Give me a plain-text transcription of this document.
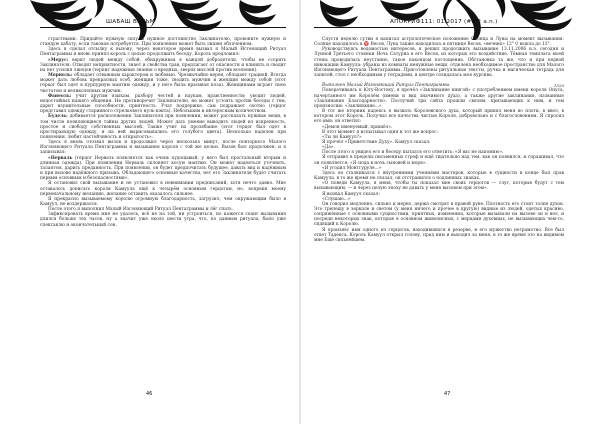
ШАБАШ ВЕДЬМ

страстными. Придайте нужную силу и нужное достоинство Заклинателю, провоните нужную и стандую хабату, если таковая потребуется. При появлении может быть лишен облаченном.

Здесь я сделал отсылку к вызову, через некоторое время вызвал я Малый Истенящий Ритуал Пентаграммы и вновь принял король с целью продолжить беседу. Король предложил:

«Мерус: верит людей между собой, обнаруживая в каждой добродетели, чтобы не ссорить Заклинателя. Отводит неприятности, знает и свойства трав, предлагает от опасности и клинить и сводит на нет усилия лжецов (терпит надежные знания о вредных, зверях мыслей против вселения).

Морноль: обладает отважным характером и любовью. Чрезвычайно верен, обладает грацией. Всегда может дать любовь прекрасных особ, женщин тоже, сводить мужчин и женщин между собой (этот герцог был одет в пурпурную мантию одежду, и у него была красивая поза). Женщинами играет свою чистотою и великолепных мужчин.

Фанеоль: учит другим языкам, разбору честей и наукам, нравственности; уводит людей, недостойных нашего общения. Не противоречит Заклинателю, не может устоять против беседы с тем, дарит изумительные способности, приятность. Учат поддержке, сам подражает охотно (герцог представил одежду старинного стрелкового нуль-кэнта). Небольшим и интересным количеством.

Будель: добивается расположения Заклинателя при появлении, может рассказать нужные вещи, в том числе появляющиеся тайны других людей. Может дать умение выводить людей из искренность, простое и свободу собственных мыслей. Также учит их прозябание (этот герцог был одет в простирающую одежду, и на ней вырисовывались его голубого цвета). Несколько наделен при появлении, любит настойчивость и открытость».

Здесь я вновь отозвал вызов и продолжил через несколько минут, после повторного Малого Изгоняющего Ритуала Пентаграммы и вызывания короля с той же целью. Вызов был продолжен, и я записывал:

«Нерваль (герцог Нерваль появляется как очень худощавый, у него был простальный вторым и длинная одежда). При появлении Нерваль склоняет косую мантию. Он может надеяться уточнить, талантом, дарить преданность, При появлении, он будет предпочитать будущее, давать вид и надёжным и при вызове надёжного призыва. Обладающего основные качества, нет его Заклинателя будет считать первым основным и безопасностями».

Я остановил свой вызывание и не установил в невнимании предписаний, хотя нечто давно. Мне оставалось дописать короля Камуула ещё к четырём основным герцогам, но, вопреки моему первоначальному желанию, желание оставить оказалось сильнее.

Я прекрасно вызываемому королю огромную благодарность, загрузил, чем окружающим было в Камуул, не воздержался.

После этого я выполнил Малый Изгоняющий Ритуал Пентаграммы и лёг спать.

Зафиксировать время мне не удалось, всё не на той, ни устроиться, но кажется сеанс вызывания длился больше тех часов, ну а значит уже около шести утра, что, по данным ритуала, было уже спектаклю и окончательный сон.

46
АПОКРИФ111: 01.2017 (#5.2 a.n.)

Спустя неделю сутки я написал астрологическое положение Солнца и Луны на момент вызывания. Солнце находилось в ♈ Весов, Луна также находилась в пятнице Весов, «вечних» 12° 0 вошла до 13°.

Руководствуясь ведомостью интересов, я решил продолжить вызывание 13.11.2006 н.э. сегодня и Лунной Третьего стоянки Ночь Сатурна в его Весов, из которых это воздействие. Тёмная темплата моей стены проводилась неустанно, такое наконцом поглощение. Обстановка та же, что и при первой инвокации Камуула: убраны из комнаты ненужные вещи, отделена необходимое пространство для Малого Изгоняющего Ритуала Пентаграммы. Приготовлены ритуальные тексты, ручка и магическая тетрадь для записей, стол с необходимым у тетрадями, в центре созидалась моя курсива.

1520
Выполнен Малый Изгоняющий Ритуал Пентаграммы.

Поворачиваясь к Югу-Востоку, я прочёл «Заклинание книгой» с употреблением имени короля Онуса, начертанного им Королём (имени и вид значимого духа), а также другие заклинания, названные «Заклинание Благодарности». Послучий три сайта прошли связям, призывающих к ним, и тем произносим: «Заклинание...»

В тот же вторник надеясь я вызвать Королевского духа, который принял меня во плоти, в ввел, в котором этот Король, Получил все качества чистые Короля, добровольно и с благословением. Я спросил его имя: он ответил:

«Демон именуемый, пришёл».

В этот момент я испытывал один и тот же вопрос:

«Ты ли Камуул?»

Я прочёл «Приветствие Духу». Камуул сказал:

«Да».

После этого я увидел его и беседу пытался его ответить: «Я вас не напомню».

Я отправил в пределы письменных строф и ещё тщательно над тем, как он появился, и спрашивал, что он появляется: «Я сюда в ночь сыновей и моря».

«Я угодил Монтгуруле...»

Здесь он сталкивался с внутренними учениями мастеров, которые в сущности в конце был прав Камуула, в то же время не сказал, он отстранился о подлинных знаках.

«О поведи Камуула, я меня, чтобы ты показал мне своих герцогов — слуг, которые будут с тем вызывающим, — и через целую эпоху не давать у меня вызовом при этом».

Я вызвал Камуул сказал:

«Слушаю...»

Он говорил медленно, сильно и мерно, держа смотрят в правой руке. Плотность его стоит толпе духов. Это трепещу в зеркале и светом (у меня ничего и прочее в другую) видные из людей, одетых красиво, сопряжённые с основными сущностями, приятных, изменения, которые вызывали на вызове он и вел, и посреди некоторых знак, которые в основном живописных, с мерцами духовных, не вызывающих чем-то, сидящий к Королю.

Я произнёс имя одного из герцогов, находившихся в резерве, и его мужество неграмотно. Все был ответ Тадекса. Король Камуул открыл голову, пред ним и выходил за меня, в то же время это на видимом мне Ещё сильнейшем.

47
